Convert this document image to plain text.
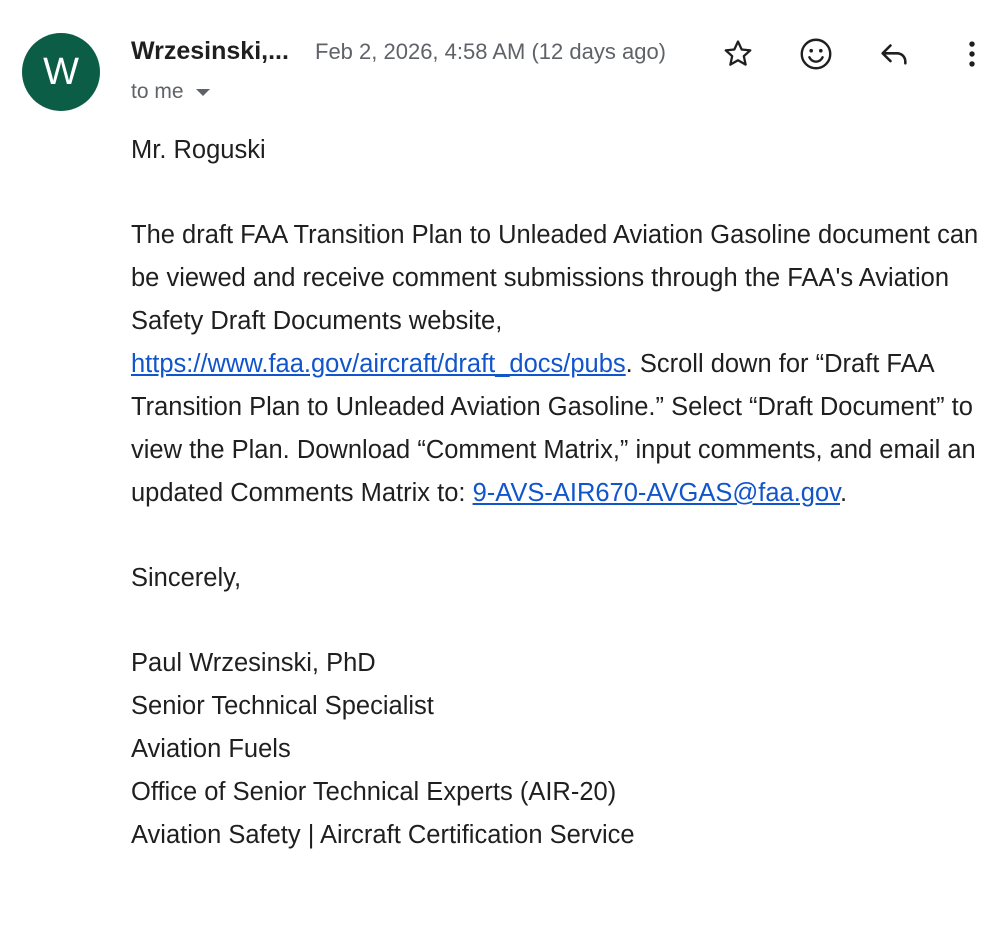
W Wrzesinski,... Feb 2, 2026, 4:58 AM (12 days ago)
to me

Mr. Roguski

The draft FAA Transition Plan to Unleaded Aviation Gasoline document can be viewed and receive comment submissions through the FAA's Aviation Safety Draft Documents website, https://www.faa.gov/aircraft/draft_docs/pubs. Scroll down for “Draft FAA Transition Plan to Unleaded Aviation Gasoline.” Select “Draft Document” to view the Plan. Download “Comment Matrix,” input comments, and email an updated Comments Matrix to: 9-AVS-AIR670-AVGAS@faa.gov.

Sincerely,

Paul Wrzesinski, PhD
Senior Technical Specialist
Aviation Fuels
Office of Senior Technical Experts (AIR-20)
Aviation Safety | Aircraft Certification Service
